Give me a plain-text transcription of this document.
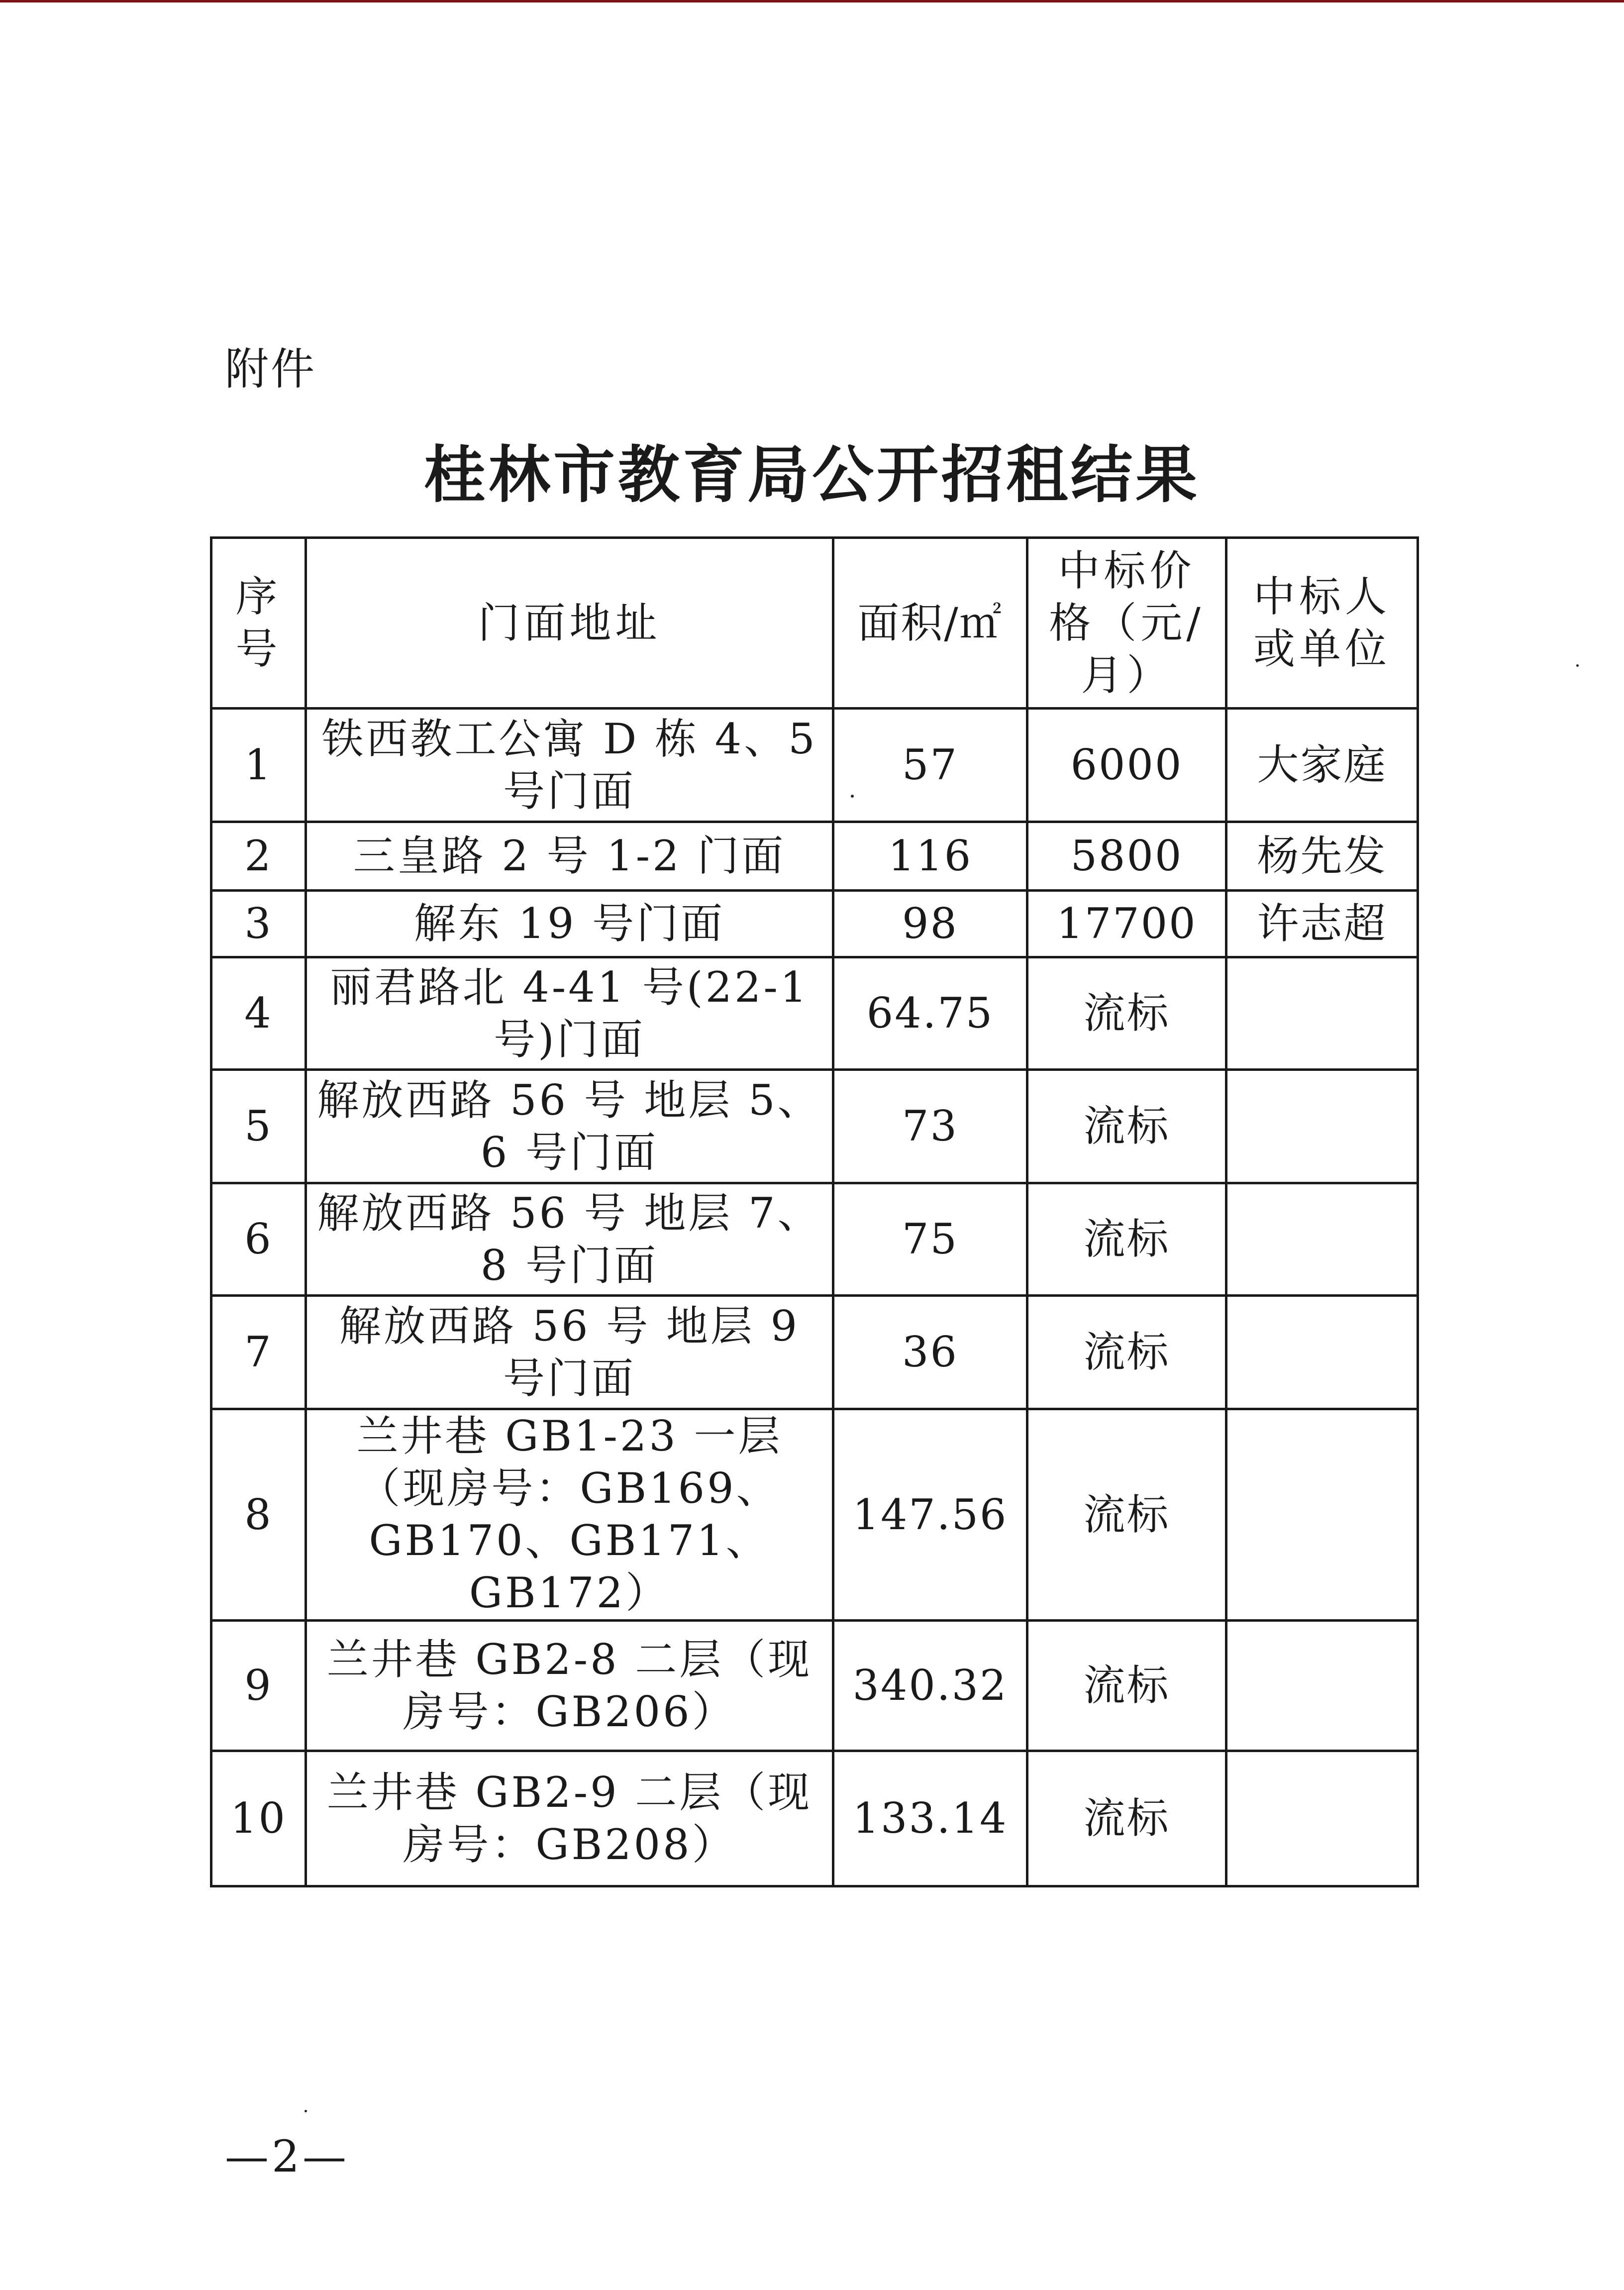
附件
桂林市教育局公开招租结果
序号	门面地址	面积/㎡	中标价格（元/月）	中标人或单位
1	铁西教工公寓 D 栋 4、5 号门面	57	6000	大家庭
2	三皇路 2 号 1-2 门面	116	5800	杨先发
3	解东 19 号门面	98	17700	许志超
4	丽君路北 4-41 号(22-1 号)门面	64.75	流标	
5	解放西路 56 号 地层 5、6 号门面	73	流标	
6	解放西路 56 号 地层 7、8 号门面	75	流标	
7	解放西路 56 号 地层 9 号门面	36	流标	
8	兰井巷 GB1-23 一层（现房号：GB169、GB170、GB171、GB172）	147.56	流标	
9	兰井巷 GB2-8 二层（现房号：GB206）	340.32	流标	
10	兰井巷 GB2-9 二层（现房号：GB208）	133.14	流标	
—2—
